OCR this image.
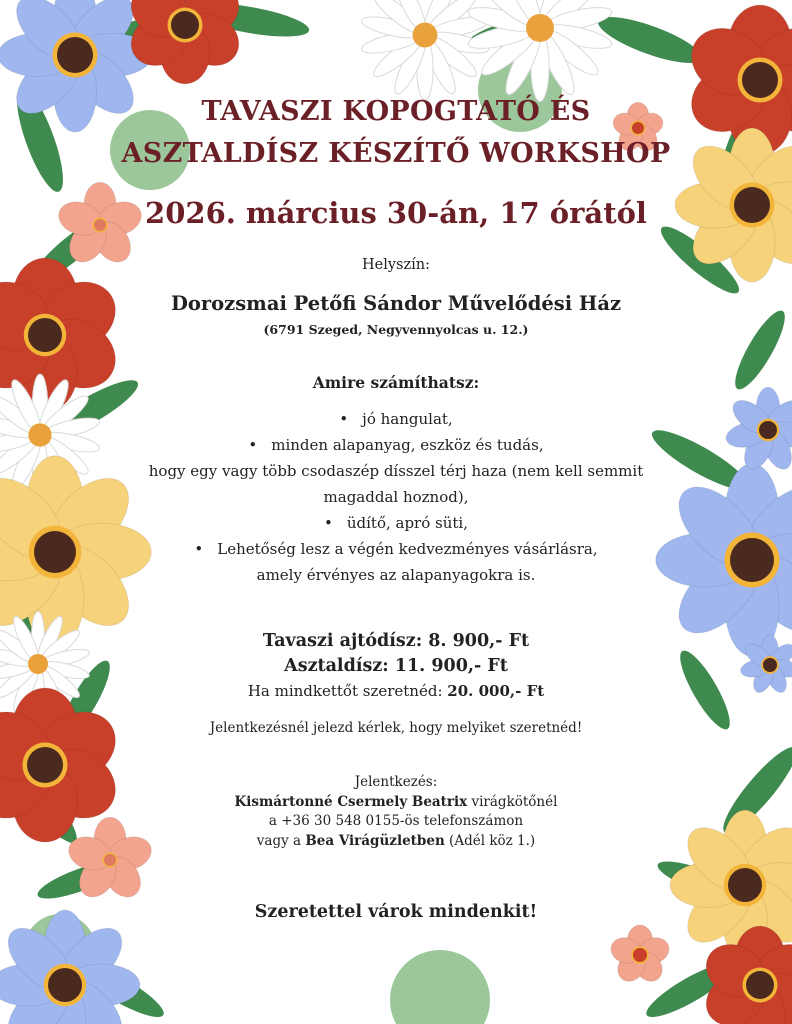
TAVASZI KOPOGTATÓ ÉS
ASZTALDÍSZ KÉSZÍTŐ WORKSHOP
2026. március 30-án, 17 órától
Helyszín:
Dorozsmai Petőfi Sándor Művelődési Ház
(6791 Szeged, Negyvennyolcas u. 12.)
Amire számíthatsz:
• jó hangulat,
• minden alapanyag, eszköz és tudás,
hogy egy vagy több csodaszép dísszel térj haza (nem kell semmit
magaddal hoznod),
• üdítő, apró süti,
• Lehetőség lesz a végén kedvezményes vásárlásra,
amely érvényes az alapanyagokra is.
Tavaszi ajtódísz: 8. 900,- Ft
Asztaldísz: 11. 900,- Ft
Ha mindkettőt szeretnéd: 20. 000,- Ft
Jelentkezésnél jelezd kérlek, hogy melyiket szeretnéd!
Jelentkezés:
Kismártonné Csermely Beatrix virágkötőnél
a +36 30 548 0155-ös telefonszámon
vagy a Bea Virágüzletben (Adél köz 1.)
Szeretettel várok mindenkit!
